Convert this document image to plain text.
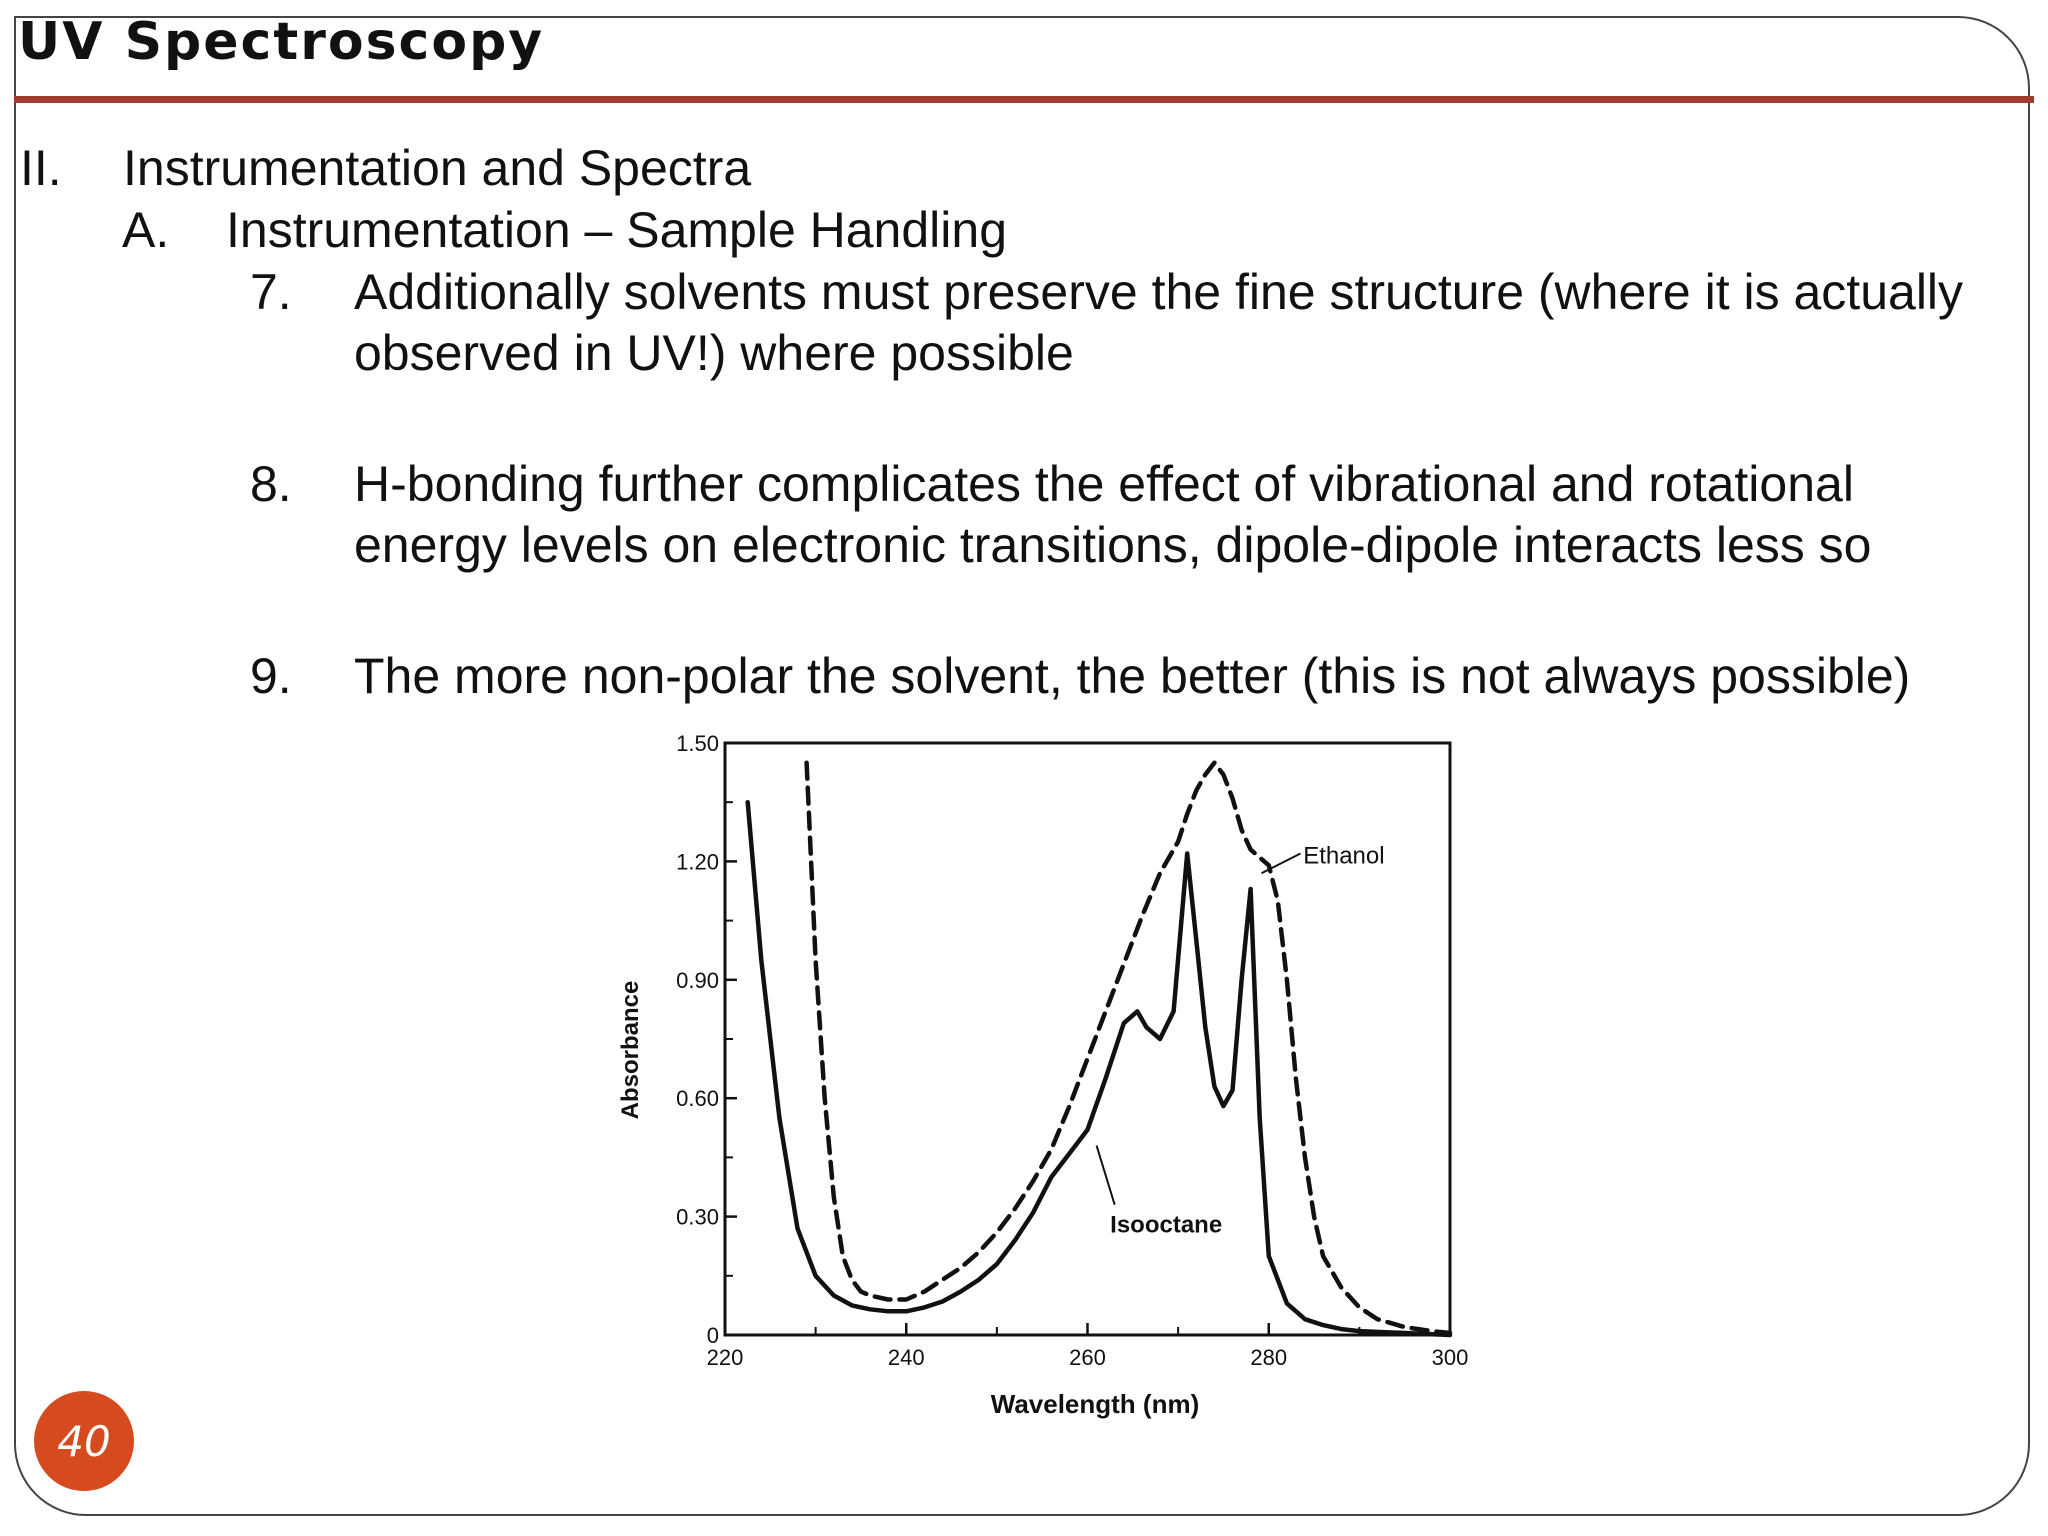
UV Spectroscopy
II. Instrumentation and Spectra
A. Instrumentation – Sample Handling
7. Additionally solvents must preserve the fine structure (where it is actually observed in UV!) where possible
8. H-bonding further complicates the effect of vibrational and rotational energy levels on electronic transitions, dipole-dipole interacts less so
9. The more non-polar the solvent, the better (this is not always possible)
Absorbance
Wavelength (nm)
0
0.30
0.60
0.90
1.20
1.50
220	240	260	280	300
Ethanol
Isooctane
40
